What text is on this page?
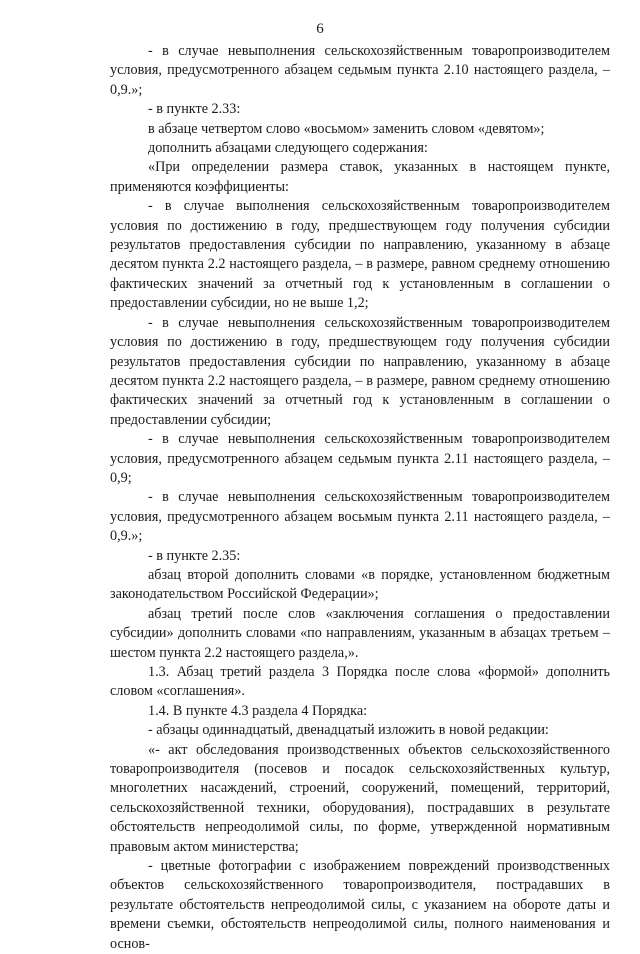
6

- в случае невыполнения сельскохозяйственным товаропроизводителем условия, предусмотренного абзацем седьмым пункта 2.10 настоящего раздела, – 0,9.»;

- в пункте 2.33:

в абзаце четвертом слово «восьмом» заменить словом «девятом»;

дополнить абзацами следующего содержания:

«При определении размера ставок, указанных в настоящем пункте, применяются коэффициенты:

- в случае выполнения сельскохозяйственным товаропроизводителем условия по достижению в году, предшествующем году получения субсидии результатов предоставления субсидии по направлению, указанному в абзаце десятом пункта 2.2 настоящего раздела, – в размере, равном среднему отношению фактических значений за отчетный год к установленным в соглашении о предоставлении субсидии, но не выше 1,2;

- в случае невыполнения сельскохозяйственным товаропроизводителем условия по достижению в году, предшествующем году получения субсидии результатов предоставления субсидии по направлению, указанному в абзаце десятом пункта 2.2 настоящего раздела, – в размере, равном среднему отношению фактических значений за отчетный год к установленным в соглашении о предоставлении субсидии;

- в случае невыполнения сельскохозяйственным товаропроизводителем условия, предусмотренного абзацем седьмым пункта 2.11 настоящего раздела, – 0,9;

- в случае невыполнения сельскохозяйственным товаропроизводителем условия, предусмотренного абзацем восьмым пункта 2.11 настоящего раздела, – 0,9.»;

- в пункте 2.35:

абзац второй дополнить словами «в порядке, установленном бюджетным законодательством Российской Федерации»;

абзац третий после слов «заключения соглашения о предоставлении субсидии» дополнить словами «по направлениям, указанным в абзацах третьем – шестом пункта 2.2 настоящего раздела,».

1.3. Абзац третий раздела 3 Порядка после слова «формой» дополнить словом «соглашения».

1.4. В пункте 4.3 раздела 4 Порядка:

- абзацы одиннадцатый, двенадцатый изложить в новой редакции:

«- акт обследования производственных объектов сельскохозяйственного товаропроизводителя (посевов и посадок сельскохозяйственных культур, многолетних насаждений, строений, сооружений, помещений, территорий, сельскохозяйственной техники, оборудования), пострадавших в результате обстоятельств непреодолимой силы, по форме, утвержденной нормативным правовым актом министерства;

- цветные фотографии с изображением повреждений производственных объектов сельскохозяйственного товаропроизводителя, пострадавших в результате обстоятельств непреодолимой силы, с указанием на обороте даты и времени съемки, обстоятельств непреодолимой силы, полного наименования и основ-
